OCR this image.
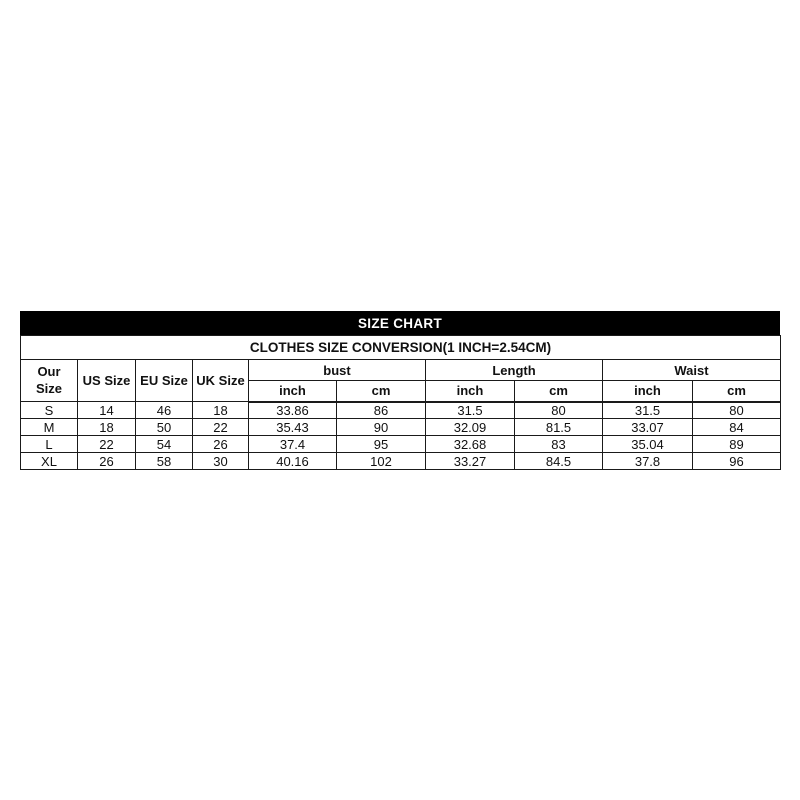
SIZE CHART
CLOTHES SIZE CONVERSION(1 INCH=2.54CM)									
Our Size	US Size	EU Size	UK Size	bust		Length		Waist	
				inch	cm	inch	cm	inch	cm
S	14	46	18	33.86	86	31.5	80	31.5	80
M	18	50	22	35.43	90	32.09	81.5	33.07	84
L	22	54	26	37.4	95	32.68	83	35.04	89
XL	26	58	30	40.16	102	33.27	84.5	37.8	96
